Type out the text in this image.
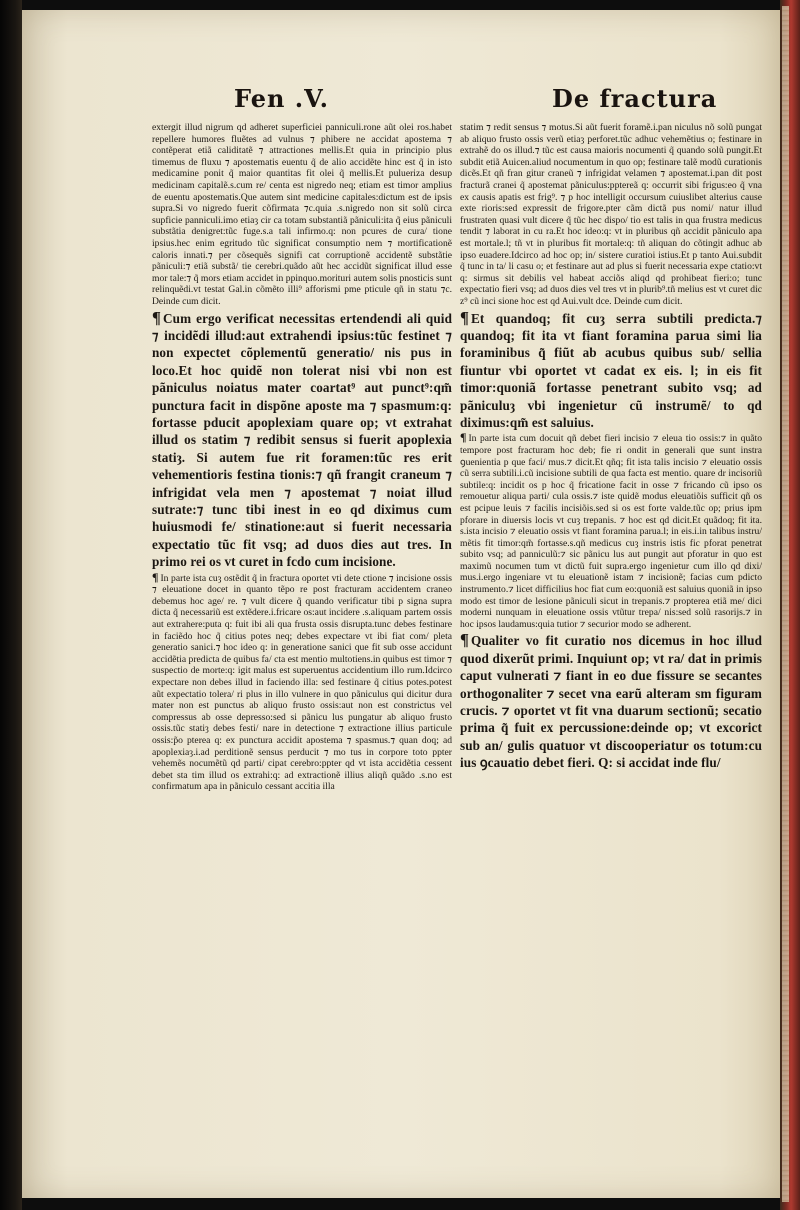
Fen .V.	De fractura

extergit illud nigrum qd adheret superficiei panniculi.rone aũt olei ros.habet repellere humores fluẽtes ad vulnus ⁊ phibere ne accidat apostema ⁊ contẽperat etiã caliditatẽ ⁊ attractiones mellis.Et quia in principio plus timemus de fluxu ⁊ apostematis euentu q̃ de alio accidẽte hinc est q̃ in isto medicamine ponit q̃ maior quantitas fit olei q̃ mellis.Et pulueriza desup medicinam capitalẽ.s.cum re/ centa est nigredo neq; etiam est timor amplius de euentu apostematis.Que autem sint medicine capitales:dictum est de ipsis supra.Si vo nigredo fuerit cõfirmata ⁊c.quia .s.nigredo non sit solũ circa supficie panniculi.imo etiaȝ cir ca totam substantiã pãniculi:ita q̃ eius pãniculi substãtia denigret:tũc fuge.s.a tali infirmo.q: non pcures de cura/ tione ipsius.hec enim egritudo tũc significat consumptio nem ⁊ mortificationẽ caloris innati.⁊ per cõsequẽs signifi cat corruptionẽ accidentẽ substãtie pãniculi:⁊ etiã substã/ tie cerebri.quãdo aũt hec accidũt significat illud esse mor tale:⁊ q̃ mors etiam accidet in ppinquo.morituri autem solis pnosticis sunt relinquẽdi.vt testat Gal.in cõmẽto illi⁹ afforismi pme pticule qñ in statu ⁊c. Deinde cum dicit.

¶ Cum ergo verificat necessitas ertendendi ali quid ⁊ incidẽdi illud:aut extrahendi ipsius:tũc festinet ⁊ non expectet cõplementũ generatio/ nis pus in loco.Et hoc quidẽ non tolerat nisi vbi non est pãniculus noiatus mater coartat⁹ aut punct⁹:qm̃ punctura facit in dispõne aposte ma ⁊ spasmum:q: fortasse pducit apoplexiam quare op; vt extrahat illud os statim ⁊ redibit sensus si fuerit apoplexia statiȝ. Si autem fue rit foramen:tũc res erit vehementioris festina tionis:⁊ qñ frangit craneum ⁊ infrigidat vela men ⁊ apostemat ⁊ noiat illud sutrate:⁊ tunc tibi inest in eo qd diximus cum huiusmodi fe/ stinatione:aut si fuerit necessaria expectatio tũc fit vsq; ad duos dies aut tres. In primo rei os vt curet in fcdo cum incisione.

¶ In parte ista cuȝ ostẽdit q̃ in fractura oportet vti dete ctione ⁊ incisione ossis ⁊ eleuatione docet in quanto tẽpo re post fracturam accidentem craneo debemus hoc age/ re. ⁊ vult dicere q̃ quando verificatur tibi p signa supra dicta q̃ necessariũ est extẽdere.i.fricare os:aut incidere .s.aliquam partem ossis aut extrahere:puta q: fuit ibi ali qua frusta ossis disrupta.tunc debes festinare in faciẽdo hoc q̃ citius potes neq; debes expectare vt ibi fiat com/ pleta generatio sanici.⁊ hoc ideo q: in generatione sanici que fit sub osse accidunt accidẽtia predicta de quibus fa/ cta est mentio multotiens.in quibus est timor ⁊ suspectio de morte:q: igit malus est superuentus accidentium illo rum.Idcirco expectare non debes illud in faciendo illa: sed festinare q̃ citius potes.potest aũt expectatio tolera/ ri plus in illo vulnere in quo pãniculus qui dicitur dura mater non est punctus ab aliquo frusto ossis:aut non est constrictus vel compressus ab osse depresso:sed si pãnicu lus pungatur ab aliquo frusto ossis.tũc statiȝ debes festi/ nare in detectione ⁊ extractione illius particule ossis:p̃o pterea q: ex punctura accidit apostema ⁊ spasmus.⁊ quan doq; ad apoplexiaȝ.i.ad perditionẽ sensus perducit ⁊ mo tus in corpore toto ppter vehemẽs nocumẽtũ qd parti/ cipat cerebro:ppter qd vt ista accidẽtia cessent debet sta tim illud os extrahi:q: ad extractionẽ illius aliqñ quãdo .s.no est confirmatum apa in pãniculo cessant accitia illa

statim ⁊ redit sensus ⁊ motus.Si aũt fuerit foramẽ.i.pan niculus nõ solũ pungat ab aliquo frusto ossis verũ etiaȝ perforet.tũc adhuc vehemẽtius o; festinare in extrahẽ do os illud.⁊ tũc est causa maioris nocumenti q̃ quando solũ pungit.Et subdit etiã Auicen.aliud nocumentum in quo op; festinare talẽ modũ curationis dicẽs.Et qñ fran gitur craneũ ⁊ infrigidat velamen ⁊ apostemat.i.pan dit post fracturã cranei q̃ apostemat pãniculus:pptereã q: occurrit sibi frigus:eo q̃ vna ex causis apatis est frig⁹. ⁊ p hoc intelligit occursum cuiuslibet alterius cause exte rioris:sed expressit de frigore.pter cãm dictã pus nomi/ natur illud frustraten quasi vult dicere q̃ tũc hec dispo/ tio est talis in qua frustra medicus tendit ⁊ laborat in cu ra.Et hoc ideo:q: vt in pluribus qñ accidit pãniculo apa est mortale.l; tñ vt in pluribus fit mortale:q: tñ aliquan do cõtingit adhuc ab ipso euadere.Idcirco ad hoc op; in/ sistere curatioi istius.Et p tanto Aui.subdit q̃ tunc in ta/ li casu o; et festinare aut ad plus si fuerit necessaria expe ctatio:vt q: sirmus sit debilis vel habeat acciõs aliqd qd prohibeat fieri:o; tunc expectatio fieri vsq; ad duos dies vel tres vt in plurib⁹.tñ melius est vt curet dic z⁹ cũ inci sione hoc est qd Aui.vult dce. Deinde cum dicit.

¶ Et quandoq; fit cuȝ serra subtili predicta.⁊ quandoq; fit ita vt fiant foramina parua simi lia foraminibus q̃ fiũt ab acubus quibus sub/ sellia fiuntur vbi oportet vt cadat ex eis. l; in eis fit timor:quoniã fortasse penetrant subito vsq; ad pãniculuȝ vbi ingenietur cũ instrumẽ/ to qd diximus:qm̃ est saluius.

¶ In parte ista cum docuit qñ debet fieri incisio ⁊ eleua tio ossis:⁊ in quãto tempore post fracturam hoc deb; fie ri ondit in generali que sunt instra ꝯuenientia p que faci/ mus.⁊ dicit.Et qñq; fit ista talis incisio ⁊ eleuatio ossis cũ serra subtili.i.cũ incisione subtili de qua facta est mentio. quare dr incisoriũ subtile:q: incidit os p hoc q̃ fricatione facit in osse ⁊ fricando cũ ipso os remouetur aliqua parti/ cula ossis.⁊ iste quidẽ modus eleuatiõis sufficit qñ os est pcipue leuis ⁊ facilis incisiõis.sed si os est forte valde.tũc op; prius ipm pforare in diuersis locis vt cuȝ trepanis. ⁊ hoc est qd dicit.Et quãdoq; fit ita. s.ista incisio ⁊ eleuatio ossis vt fiant foramina parua.l; in eis.i.in talibus instru/ mẽtis fit timor:qm̃ fortasse.s.qñ medicus cuȝ instris istis fic pforat penetrat subito vsq; ad panniculũ:⁊ sic pãnicu lus aut pungit aut pforatur in quo est maximũ nocumen tum vt dictũ fuit supra.ergo ingenietur cum illo qd dixi/ mus.i.ergo ingeniare vt tu eleuationẽ istam ⁊ incisionẽ; facias cum pdicto instrumento.⁊ licet difficilius hoc fiat cum eo:quoniã est saluius quoniã in ipso modo est timor de lesione pãniculi sicut in trepanis.⁊ propterea etiã me/ dici moderni nunquam in eleuatione ossis vtũtur trepa/ nis:sed solũ rasorijs.⁊ in hoc ipsos laudamus:quia tutior ⁊ securior modo se adherent.

¶ Qualiter vo fit curatio nos dicemus in hoc illud quod dixerũt primi. Inquiunt op; vt ra/ dat in primis caput vulnerati ⁊ fiant in eo due fissure se secantes orthogonaliter ⁊ secet vna earũ alteram sm figuram crucis. ⁊ oportet vt fit vna duarum sectionũ; secatio prima q̃ fuit ex percussione:deinde op; vt excorict sub an/ gulis quatuor vt discooperiatur os totum:cu ius ꝯcauatio debet fieri. Q: si accidat inde flu/
